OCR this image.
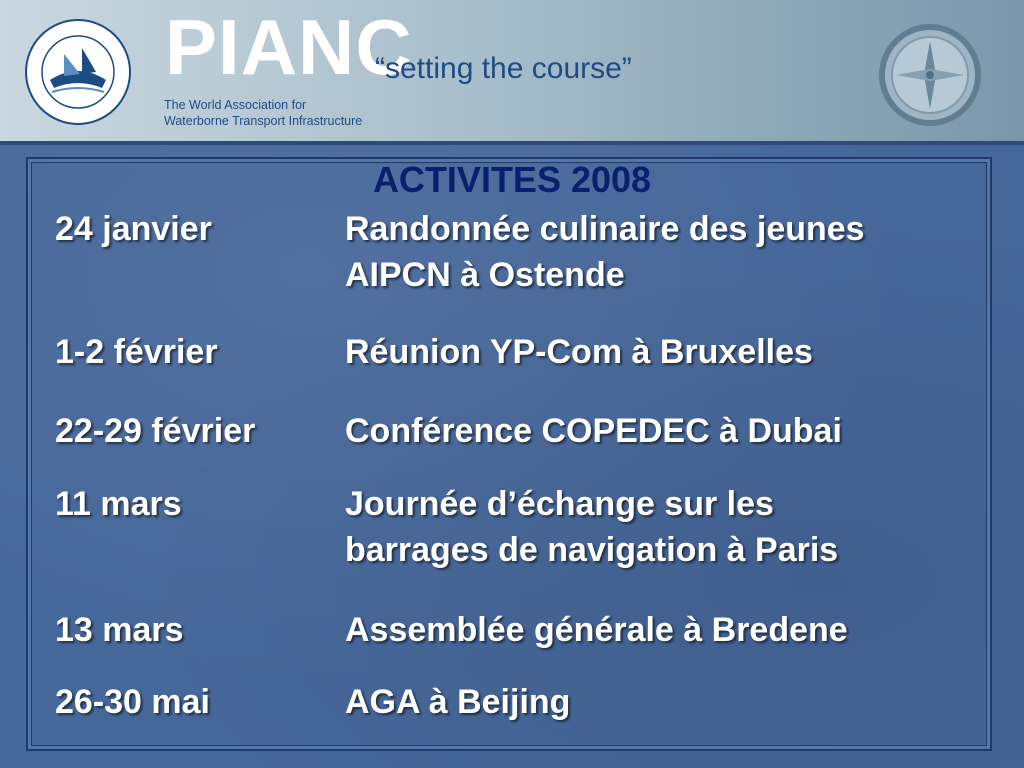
PIANC
“setting the course”
The World Association for
Waterborne Transport Infrastructure
ACTIVITES 2008
24 janvier	Randonnée culinaire des jeunes
AIPCN à Ostende
1-2 février	Réunion YP-Com à Bruxelles
22-29 février	Conférence COPEDEC à Dubai
11 mars	Journée d’échange sur les
barrages de navigation à Paris
13 mars	Assemblée générale à Bredene
26-30 mai	AGA à Beijing
